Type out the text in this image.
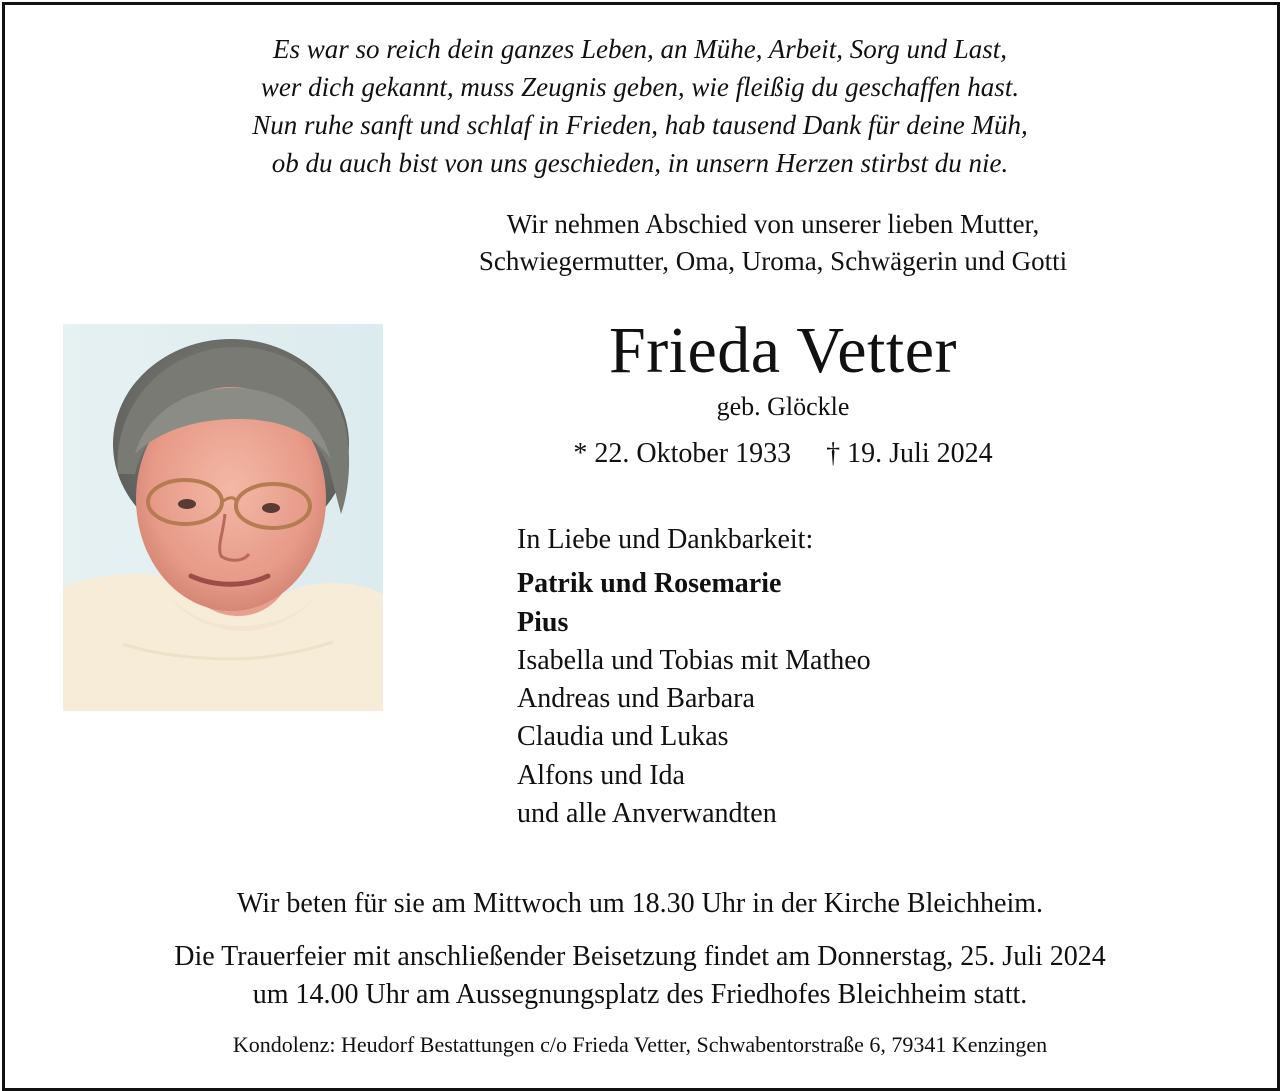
Es war so reich dein ganzes Leben, an Mühe, Arbeit, Sorg und Last,
wer dich gekannt, muss Zeugnis geben, wie fleißig du geschaffen hast.
Nun ruhe sanft und schlaf in Frieden, hab tausend Dank für deine Müh,
ob du auch bist von uns geschieden, in unsern Herzen stirbst du nie.
Wir nehmen Abschied von unserer lieben Mutter,
Schwiegermutter, Oma, Uroma, Schwägerin und Gotti
Frieda Vetter
geb. Glöckle
* 22. Oktober 1933 † 19. Juli 2024
In Liebe und Dankbarkeit:
Patrik und Rosemarie
Pius
Isabella und Tobias mit Matheo
Andreas und Barbara
Claudia und Lukas
Alfons und Ida
und alle Anverwandten
Wir beten für sie am Mittwoch um 18.30 Uhr in der Kirche Bleichheim.
Die Trauerfeier mit anschließender Beisetzung findet am Donnerstag, 25. Juli 2024
um 14.00 Uhr am Aussegnungsplatz des Friedhofes Bleichheim statt.
Kondolenz: Heudorf Bestattungen c/o Frieda Vetter, Schwabentorstraße 6, 79341 Kenzingen
